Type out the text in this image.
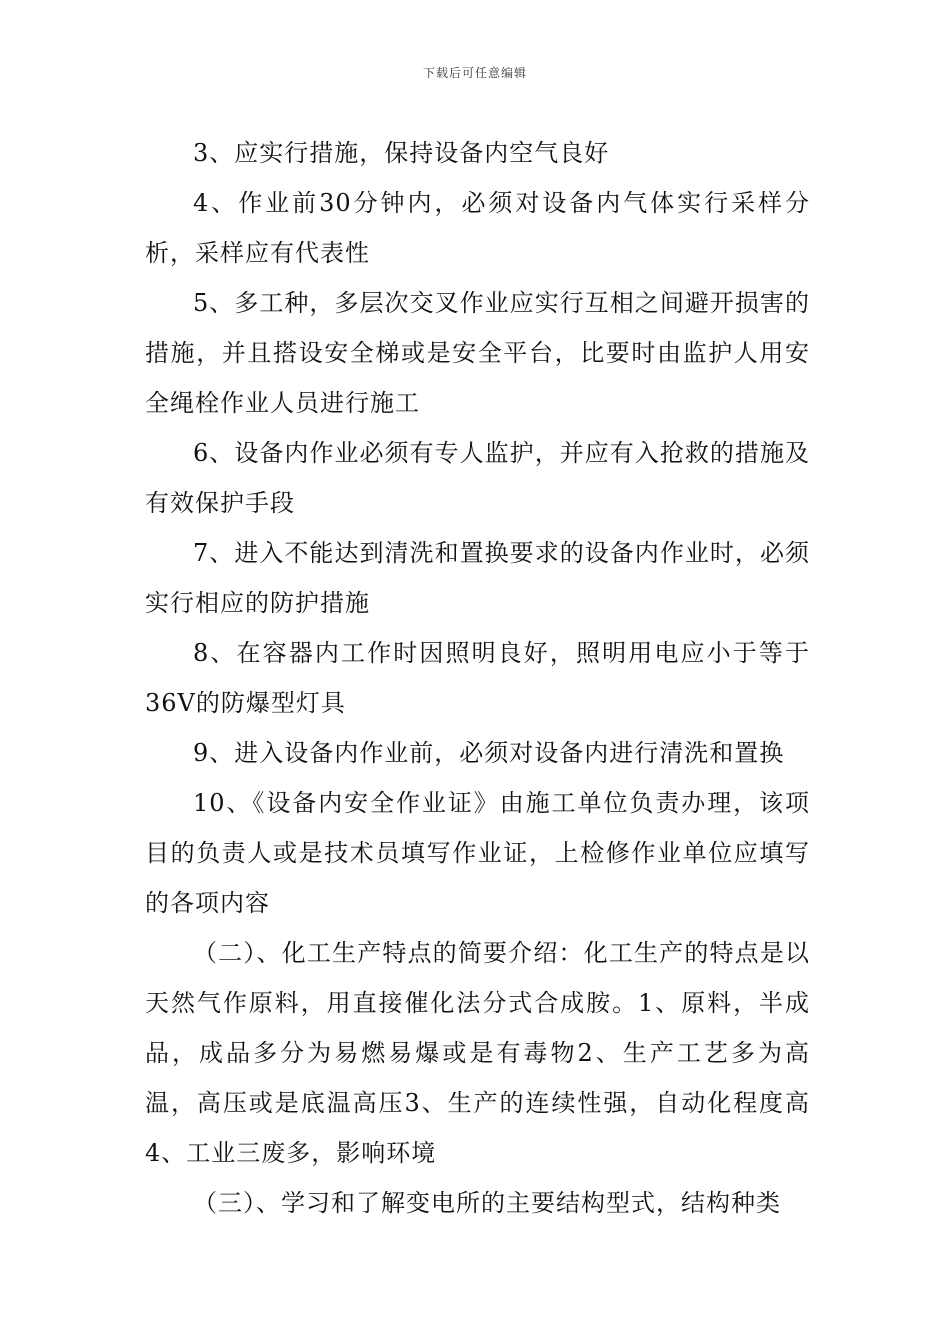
下载后可任意编辑

3、应实行措施，保持设备内空气良好

4、作业前30分钟内，必须对设备内气体实行采样分析，采样应有代表性

5、多工种，多层次交叉作业应实行互相之间避开损害的措施，并且搭设安全梯或是安全平台，比要时由监护人用安全绳栓作业人员进行施工

6、设备内作业必须有专人监护，并应有入抢救的措施及有效保护手段

7、进入不能达到清洗和置换要求的设备内作业时，必须实行相应的防护措施

8、在容器内工作时因照明良好，照明用电应小于等于36V的防爆型灯具

9、进入设备内作业前，必须对设备内进行清洗和置换

10、《设备内安全作业证》由施工单位负责办理，该项目的负责人或是技术员填写作业证，上检修作业单位应填写的各项内容

（二）、化工生产特点的简要介绍：化工生产的特点是以天然气作原料，用直接催化法分式合成胺。1、原料，半成品，成品多分为易燃易爆或是有毒物2、生产工艺多为高温，高压或是底温高压3、生产的连续性强，自动化程度高4、工业三废多，影响环境

（三）、学习和了解变电所的主要结构型式，结构种类
